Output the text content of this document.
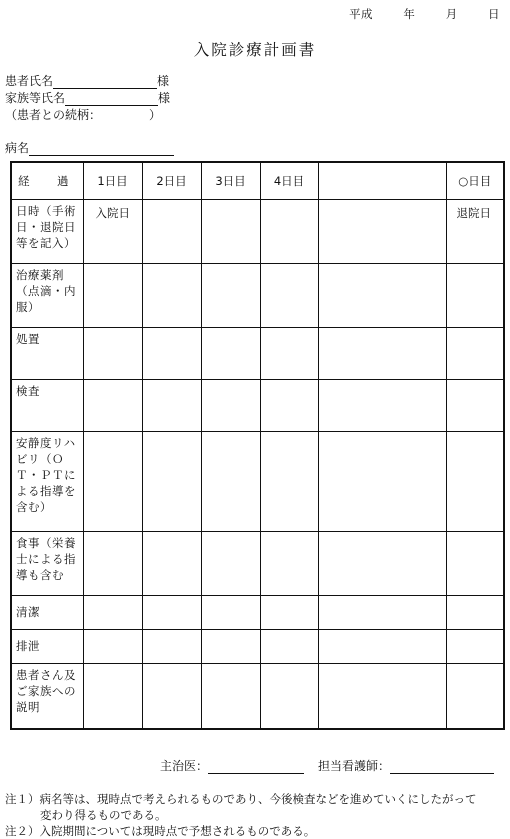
平成	年	月	日
入院診療計画書
患者氏名	様
家族等氏名	様
（患者との続柄：	）
病名
経　過	1日目	2日目	3日目	4日目		○日目
日時（手術日・退院日等を記入）	入院日					退院日
治療薬剤（点滴・内服）						
処置						
検査						
安静度リハビリ（ＯＴ・ＰＴによる指導を含む）						
食事（栄養士による指導も含む						
清潔						
排泄						
患者さん及ご家族への説明						
主治医：	担当看護師：
注１）病名等は、現時点で考えられるものであり、今後検査などを進めていくにしたがって
変わり得るものである。
注２）入院期間については現時点で予想されるものである。
